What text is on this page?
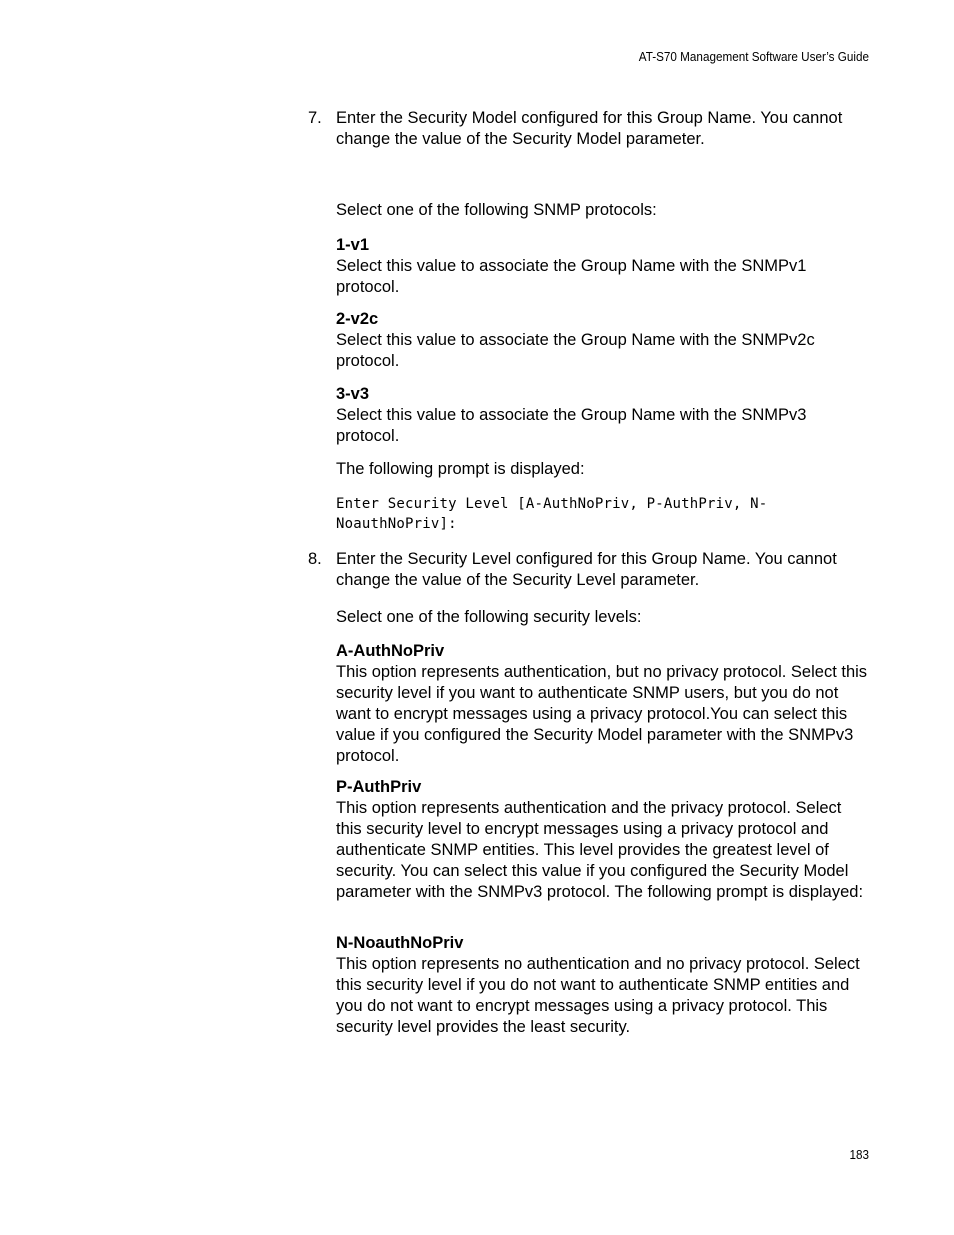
AT-S70 Management Software User’s Guide
7. Enter the Security Model configured for this Group Name. You cannot change the value of the Security Model parameter.

Select one of the following SNMP protocols:

1-v1
Select this value to associate the Group Name with the SNMPv1 protocol.
2-v2c
Select this value to associate the Group Name with the SNMPv2c protocol.
3-v3
Select this value to associate the Group Name with the SNMPv3 protocol.

The following prompt is displayed:

Enter Security Level [A-AuthNoPriv, P-AuthPriv, N-
NoauthNoPriv]:
8. Enter the Security Level configured for this Group Name. You cannot change the value of the Security Level parameter.

Select one of the following security levels:

A-AuthNoPriv
This option represents authentication, but no privacy protocol. Select this security level if you want to authenticate SNMP users, but you do not want to encrypt messages using a privacy protocol.You can select this value if you configured the Security Model parameter with the SNMPv3 protocol.
P-AuthPriv
This option represents authentication and the privacy protocol. Select this security level to encrypt messages using a privacy protocol and authenticate SNMP entities. This level provides the greatest level of security. You can select this value if you configured the Security Model parameter with the SNMPv3 protocol. The following prompt is displayed:
N-NoauthNoPriv
This option represents no authentication and no privacy protocol. Select this security level if you do not want to authenticate SNMP entities and you do not want to encrypt messages using a privacy protocol. This security level provides the least security.
183
